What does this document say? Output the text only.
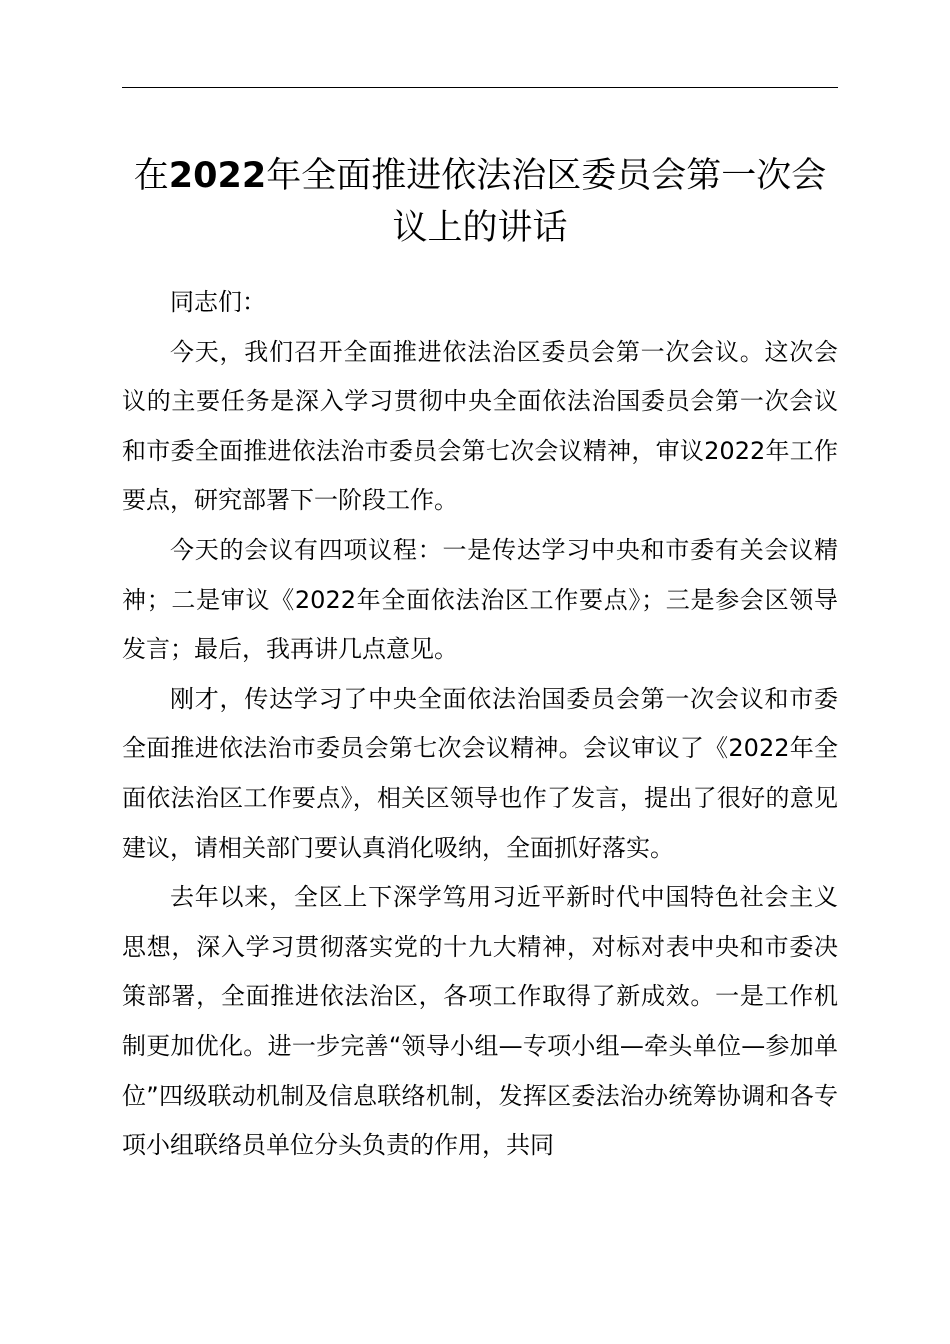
在2022年全面推进依法治区委员会第一次会议上的讲话

同志们：

今天，我们召开全面推进依法治区委员会第一次会议。这次会议的主要任务是深入学习贯彻中央全面依法治国委员会第一次会议和市委全面推进依法治市委员会第七次会议精神，审议2022年工作要点，研究部署下一阶段工作。

今天的会议有四项议程：一是传达学习中央和市委有关会议精神；二是审议《2022年全面依法治区工作要点》；三是参会区领导发言；最后，我再讲几点意见。

刚才，传达学习了中央全面依法治国委员会第一次会议和市委全面推进依法治市委员会第七次会议精神。会议审议了《2022年全面依法治区工作要点》，相关区领导也作了发言，提出了很好的意见建议，请相关部门要认真消化吸纳，全面抓好落实。

去年以来，全区上下深学笃用习近平新时代中国特色社会主义思想，深入学习贯彻落实党的十九大精神，对标对表中央和市委决策部署，全面推进依法治区，各项工作取得了新成效。一是工作机制更加优化。进一步完善“领导小组—专项小组—牵头单位—参加单位”四级联动机制及信息联络机制，发挥区委法治办统筹协调和各专项小组联络员单位分头负责的作用，共同
